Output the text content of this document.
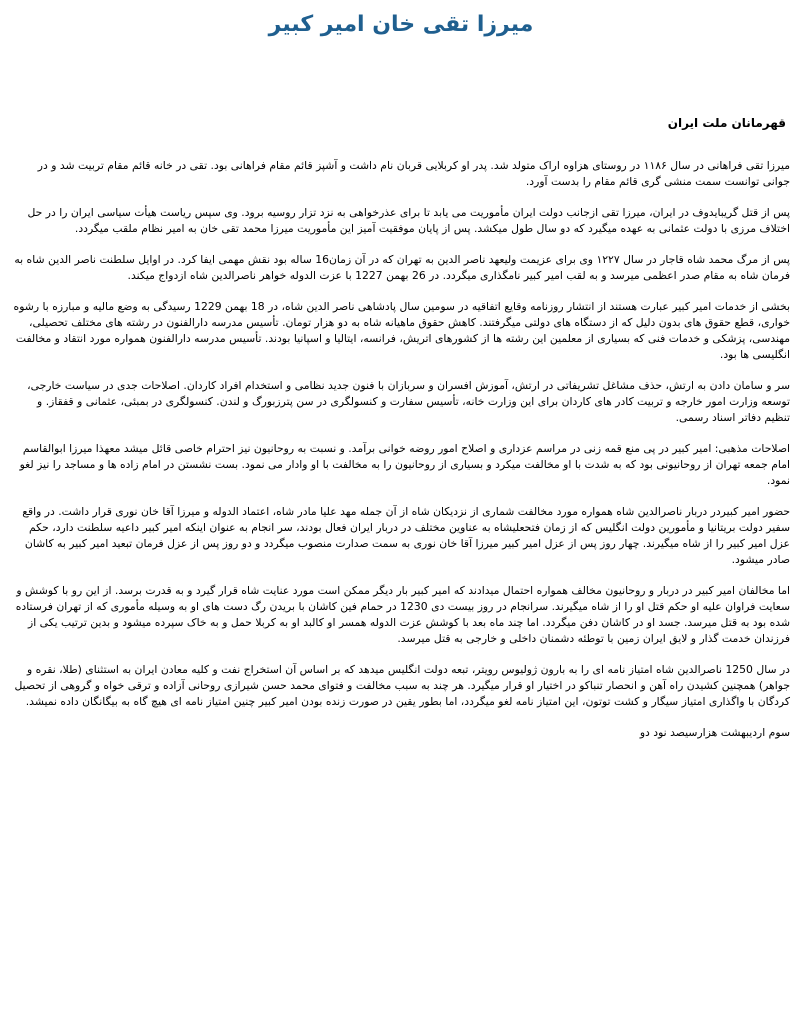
میرزا تقی خان امیر کبیر
قهرمانان ملت ایران

میرزا تقی فراهانی در سال ۱۱۸۶ در روستای هزاوه اراک متولد شد. پدر او کربلایی قربان نام داشت و آشپز قائم مقام فراهانی بود. تقی در خانه قائم مقام تربیت شد و در جوانی توانست سمت منشی گری قائم مقام را بدست آورد.

پس از قتل گریبایدوف در ایران، میرزا تقی ازجانب دولت ایران مأموریت می یابد تا برای عذرخواهی به نزد تزار روسیه برود. وی سپس ریاست هیأت سیاسی ایران را در حل اختلاف مرزی با دولت عثمانی به عهده میگیرد که دو سال طول میکشد. پس از پایان موفقیت آمیز این مأموریت میرزا محمد تقی خان به امیر نظام ملقب میگردد.

پس از مرگ محمد شاه قاجار در سال ۱۲۲۷ وی برای عزیمت ولیعهد ناصر الدین به تهران که در آن زمان16 ساله بود نقش مهمی ایفا کرد. در اوایل سلطنت ناصر الدین شاه به فرمان شاه به مقام صدر اعظمی میرسد و به لقب امیر کبیر نامگذاری میگردد. در 26 بهمن 1227 با عزت الدوله خواهر ناصرالدین شاه ازدواج میکند.

بخشی از خدمات امیر کبیر عبارت هستند از انتشار روزنامه وقایع اتفاقیه در سومین سال پادشاهی ناصر الدین شاه، در 18 بهمن 1229 رسیدگی به وضع مالیه و مبارزه با رشوه خواری، قطع حقوق های بدون دلیل که از دستگاه های دولتی میگرفتند. کاهش حقوق ماهیانه شاه به دو هزار تومان. تأسیس مدرسه دارالفنون در رشته های مختلف تحصیلی، مهندسی، پزشکی و خدمات فنی که بسیاری از معلمین این رشته ها از کشورهای اتریش، فرانسه، ایتالیا و اسپانیا بودند. تأسیس مدرسه دارالفنون همواره مورد انتقاد و مخالفت انگلیسی ها بود.

سر و سامان دادن به ارتش، حذف مشاغل تشریفاتی در ارتش، آموزش افسران و سربازان با فنون جدید نظامی و استخدام افراد کاردان. اصلاحات جدی در سیاست خارجی، توسعه وزارت امور خارجه و تربیت کادر های کاردان برای این وزارت خانه، تأسیس سفارت و کنسولگری در سن پترزبورگ و لندن. کنسولگری در بمبئی، عثمانی و قفقاز. و تنظیم دفاتر اسناد رسمی.

اصلاحات مذهبی: امیر کبیر در پی منع قمه زنی در مراسم عزداری و اصلاح امور روضه خوانی برآمد. و نسبت به روحانیون نیز احترام خاصی قائل میشد معهذا میرزا ابوالقاسم امام جمعه تهران از روحانیونی بود که به شدت با او مخالفت میکرد و بسیاری از روحانیون را به مخالفت با او وادار می نمود. بست نشستن در امام زاده ها و مساجد را نیز لغو نمود.

حضور امیر کبیردر دربار ناصرالدین شاه همواره مورد مخالفت شماری از نزدیکان شاه از آن جمله مهد علیا مادر شاه، اعتماد الدوله و میرزا آقا خان نوری قرار داشت. در واقع سفیر دولت بریتانیا و مأمورین دولت انگلیس که از زمان فتحعلیشاه به عناوین مختلف در دربار ایران فعال بودند، سر انجام به عنوان اینکه امیر کبیر داعیه سلطنت دارد، حکم عزل امیر کبیر را از شاه میگیرند. چهار روز پس از عزل امیر کبیر میرزا آقا خان نوری به سمت صدارت منصوب میگردد و دو روز پس از عزل فرمان تبعید امیر کبیر به کاشان صادر میشود.

اما مخالفان امیر کبیر در دربار و روحانیون مخالف همواره احتمال میدادند که امیر کبیر بار دیگر ممکن است مورد عنایت شاه قرار گیرد و به قدرت برسد. از این رو با کوشش و سعایت فراوان علیه او حکم قتل او را از شاه میگیرند. سرانجام در روز بیست دی 1230 در حمام فین کاشان با بریدن رگ دست های او به وسیله مأموری که از تهران فرستاده شده بود به قتل میرسد. جسد او در کاشان دفن میگردد. اما چند ماه بعد با کوشش عزت الدوله همسر او کالبد او به کربلا حمل و به خاک سپرده میشود و بدین ترتیب یکی از فرزندان خدمت گذار و لایق ایران زمین با توطئه دشمنان داخلی و خارجی به قتل میرسد.

در سال 1250 ناصرالدین شاه امتیاز نامه ای را به بارون ژولیوس رویتر، تبعه دولت انگلیس میدهد که بر اساس آن استخراج نفت و کلیه معادن ایران به استثنای (طلا، نقره و جواهر) همچنین کشیدن راه آهن و انحصار تنباکو در اختیار او قرار میگیرد. هر چند به سبب مخالفت و فتوای محمد حسن شیرازی روحانی آزاده و ترقی خواه و گروهی از تحصیل کردگان با واگذاری امتیاز سیگار و کشت توتون، این امتیاز نامه لغو میگردد، اما بطور یقین در صورت زنده بودن امیر کبیر چنین امتیاز نامه ای هیچ گاه به بیگانگان داده نمیشد.

سوم اردیبهشت هزارسیصد نود دو
